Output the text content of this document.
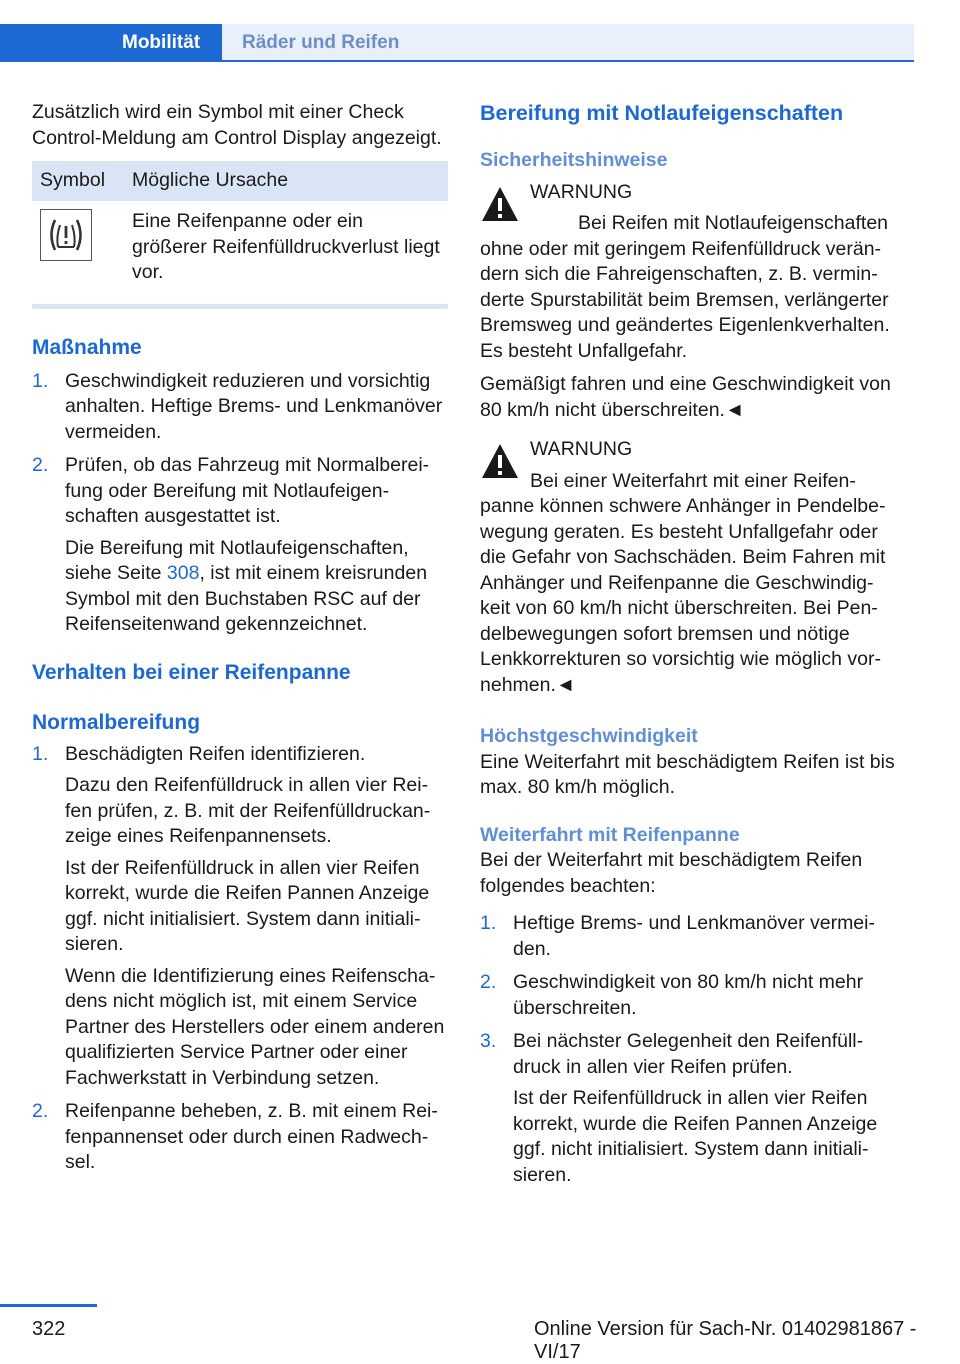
Mobilität	Räder und Reifen

Zusätzlich wird ein Symbol mit einer Check Control-Meldung am Control Display angezeigt.

Symbol	Mögliche Ursache

	Eine Reifenpanne oder ein größerer Reifenfülldruckverlust liegt vor.
Maßnahme
1. Geschwindigkeit reduzieren und vorsichtig anhalten. Heftige Brems- und Lenkmanöver vermeiden.
2. Prüfen, ob das Fahrzeug mit Normalbereifung oder Bereifung mit Notlaufeigenschaften ausgestattet ist.

Die Bereifung mit Notlaufeigenschaften, siehe Seite 308, ist mit einem kreisrunden Symbol mit den Buchstaben RSC auf der Reifenseitenwand gekennzeichnet.

Verhalten bei einer Reifenpanne
Normalbereifung
1. Beschädigten Reifen identifizieren.

Dazu den Reifenfülldruck in allen vier Reifen prüfen, z. B. mit der Reifenfülldruckanzeige eines Reifenpannensets.

Ist der Reifenfülldruck in allen vier Reifen korrekt, wurde die Reifen Pannen Anzeige ggf. nicht initialisiert. System dann initialisieren.

Wenn die Identifizierung eines Reifenschadens nicht möglich ist, mit einem Service Partner des Herstellers oder einem anderen qualifizierten Service Partner oder einer Fachwerkstatt in Verbindung setzen.

2. Reifenpanne beheben, z. B. mit einem Reifenpannenset oder durch einen Radwechsel.
Bereifung mit Notlaufeigenschaften
Sicherheitshinweise
WARNUNG

Bei Reifen mit Notlaufeigenschaften ohne oder mit geringem Reifenfülldruck verändern sich die Fahreigenschaften, z. B. verminderte Spurstabilität beim Bremsen, verlängerter Bremsweg und geändertes Eigenlenkverhalten. Es besteht Unfallgefahr.

Gemäßigt fahren und eine Geschwindigkeit von 80 km/h nicht überschreiten.◄

WARNUNG

Bei einer Weiterfahrt mit einer Reifenpanne können schwere Anhänger in Pendelbewegung geraten. Es besteht Unfallgefahr oder die Gefahr von Sachschäden. Beim Fahren mit Anhänger und Reifenpanne die Geschwindigkeit von 60 km/h nicht überschreiten. Bei Pendelbewegungen sofort bremsen und nötige Lenkkorrekturen so vorsichtig wie möglich vornehmen.◄

Höchstgeschwindigkeit

Eine Weiterfahrt mit beschädigtem Reifen ist bis max. 80 km/h möglich.

Weiterfahrt mit Reifenpanne

Bei der Weiterfahrt mit beschädigtem Reifen folgendes beachten:

1. Heftige Brems- und Lenkmanöver vermeiden.
2. Geschwindigkeit von 80 km/h nicht mehr überschreiten.
3. Bei nächster Gelegenheit den Reifenfülldruck in allen vier Reifen prüfen.

Ist der Reifenfülldruck in allen vier Reifen korrekt, wurde die Reifen Pannen Anzeige ggf. nicht initialisiert. System dann initialisieren.

322	Online Version für Sach-Nr. 01402981867 - VI/17
